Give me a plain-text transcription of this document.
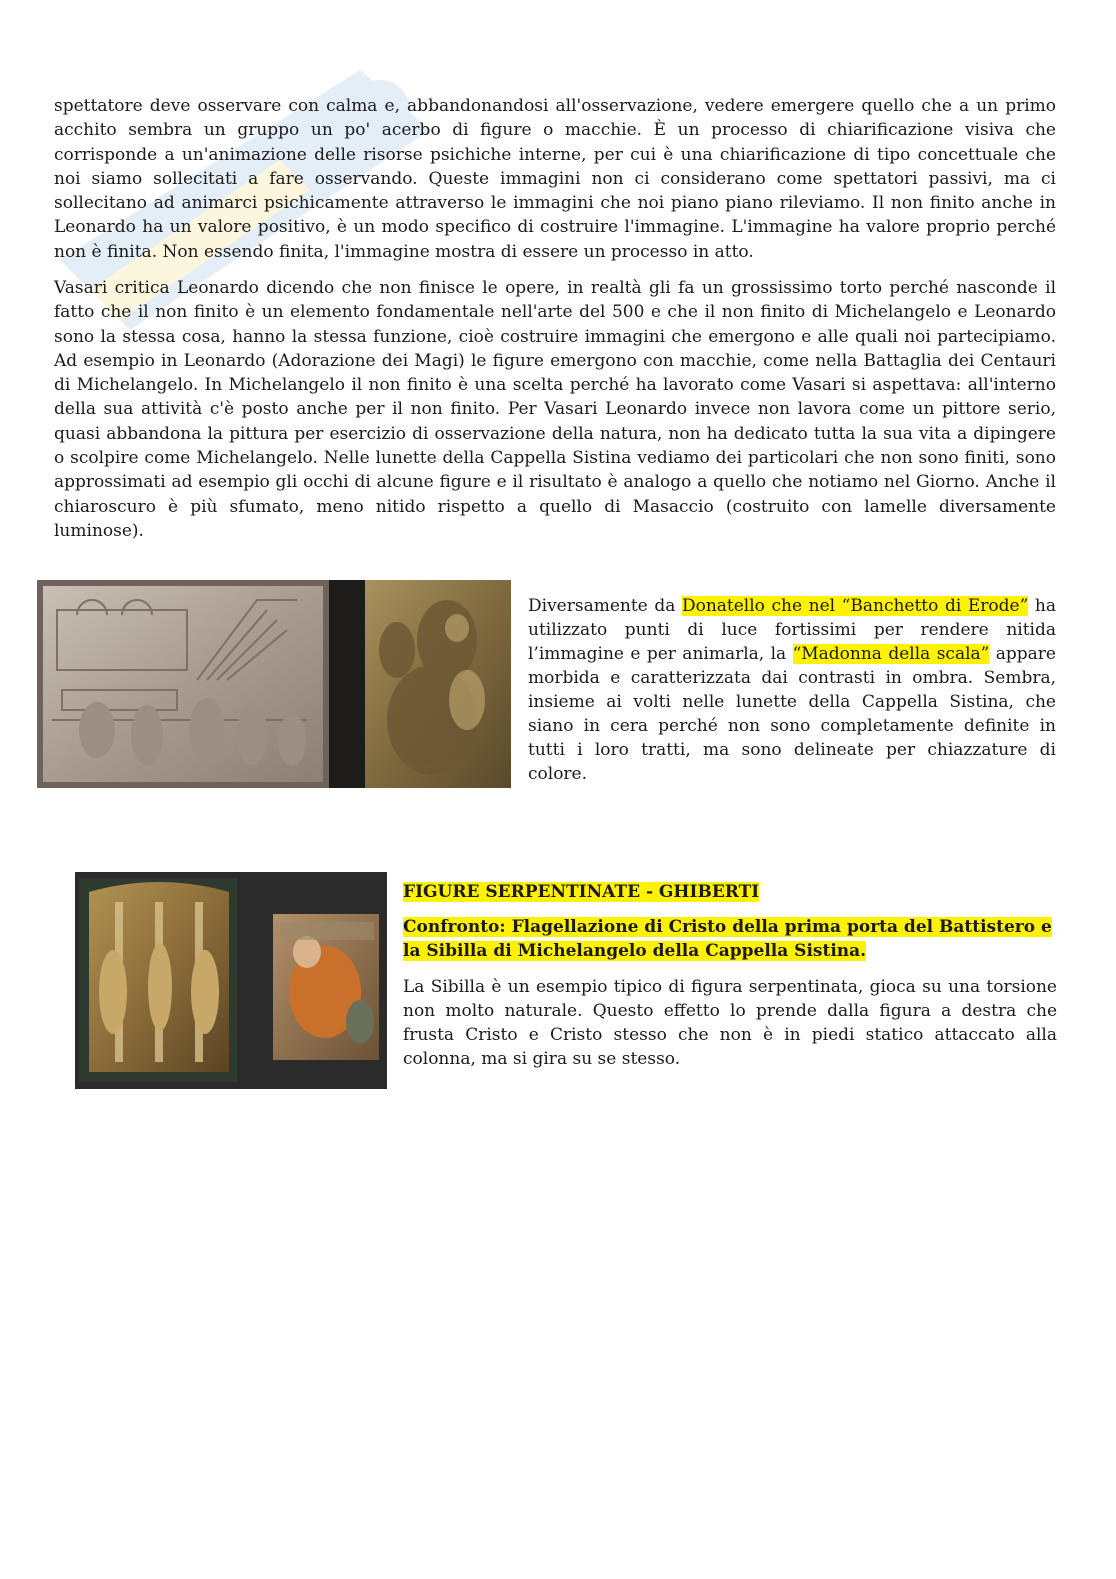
spettatore deve osservare con calma e, abbandonandosi all'osservazione, vedere emergere quello che a un primo acchito sembra un gruppo un po' acerbo di figure o macchie. È un processo di chiarificazione visiva che corrisponde a un'animazione delle risorse psichiche interne, per cui è una chiarificazione di tipo concettuale che noi siamo sollecitati a fare osservando. Queste immagini non ci considerano come spettatori passivi, ma ci sollecitano ad animarci psichicamente attraverso le immagini che noi piano piano rileviamo. Il non finito anche in Leonardo ha un valore positivo, è un modo specifico di costruire l'immagine. L'immagine ha valore proprio perché non è finita. Non essendo finita, l'immagine mostra di essere un processo in atto.

Vasari critica Leonardo dicendo che non finisce le opere, in realtà gli fa un grossissimo torto perché nasconde il fatto che il non finito è un elemento fondamentale nell'arte del 500 e che il non finito di Michelangelo e Leonardo sono la stessa cosa, hanno la stessa funzione, cioè costruire immagini che emergono e alle quali noi partecipiamo. Ad esempio in Leonardo (Adorazione dei Magi) le figure emergono con macchie, come nella Battaglia dei Centauri di Michelangelo. In Michelangelo il non finito è una scelta perché ha lavorato come Vasari si aspettava: all'interno della sua attività c'è posto anche per il non finito. Per Vasari Leonardo invece non lavora come un pittore serio, quasi abbandona la pittura per esercizio di osservazione della natura, non ha dedicato tutta la sua vita a dipingere o scolpire come Michelangelo. Nelle lunette della Cappella Sistina vediamo dei particolari che non sono finiti, sono approssimati ad esempio gli occhi di alcune figure e il risultato è analogo a quello che notiamo nel Giorno. Anche il chiaroscuro è più sfumato, meno nitido rispetto a quello di Masaccio (costruito con lamelle diversamente luminose).

Diversamente da Donatello che nel “Banchetto di Erode” ha utilizzato punti di luce fortissimi per rendere nitida l’immagine e per animarla, la “Madonna della scala” appare morbida e caratterizzata dai contrasti in ombra. Sembra, insieme ai volti nelle lunette della Cappella Sistina, che siano in cera perché non sono completamente definite in tutti i loro tratti, ma sono delineate per chiazzature di colore.

FIGURE SERPENTINATE - GHIBERTI

Confronto: Flagellazione di Cristo della prima porta del Battistero e la Sibilla di Michelangelo della Cappella Sistina.

La Sibilla è un esempio tipico di figura serpentinata, gioca su una torsione non molto naturale. Questo effetto lo prende dalla figura a destra che frusta Cristo e Cristo stesso che non è in piedi statico attaccato alla colonna, ma si gira su se stesso.
